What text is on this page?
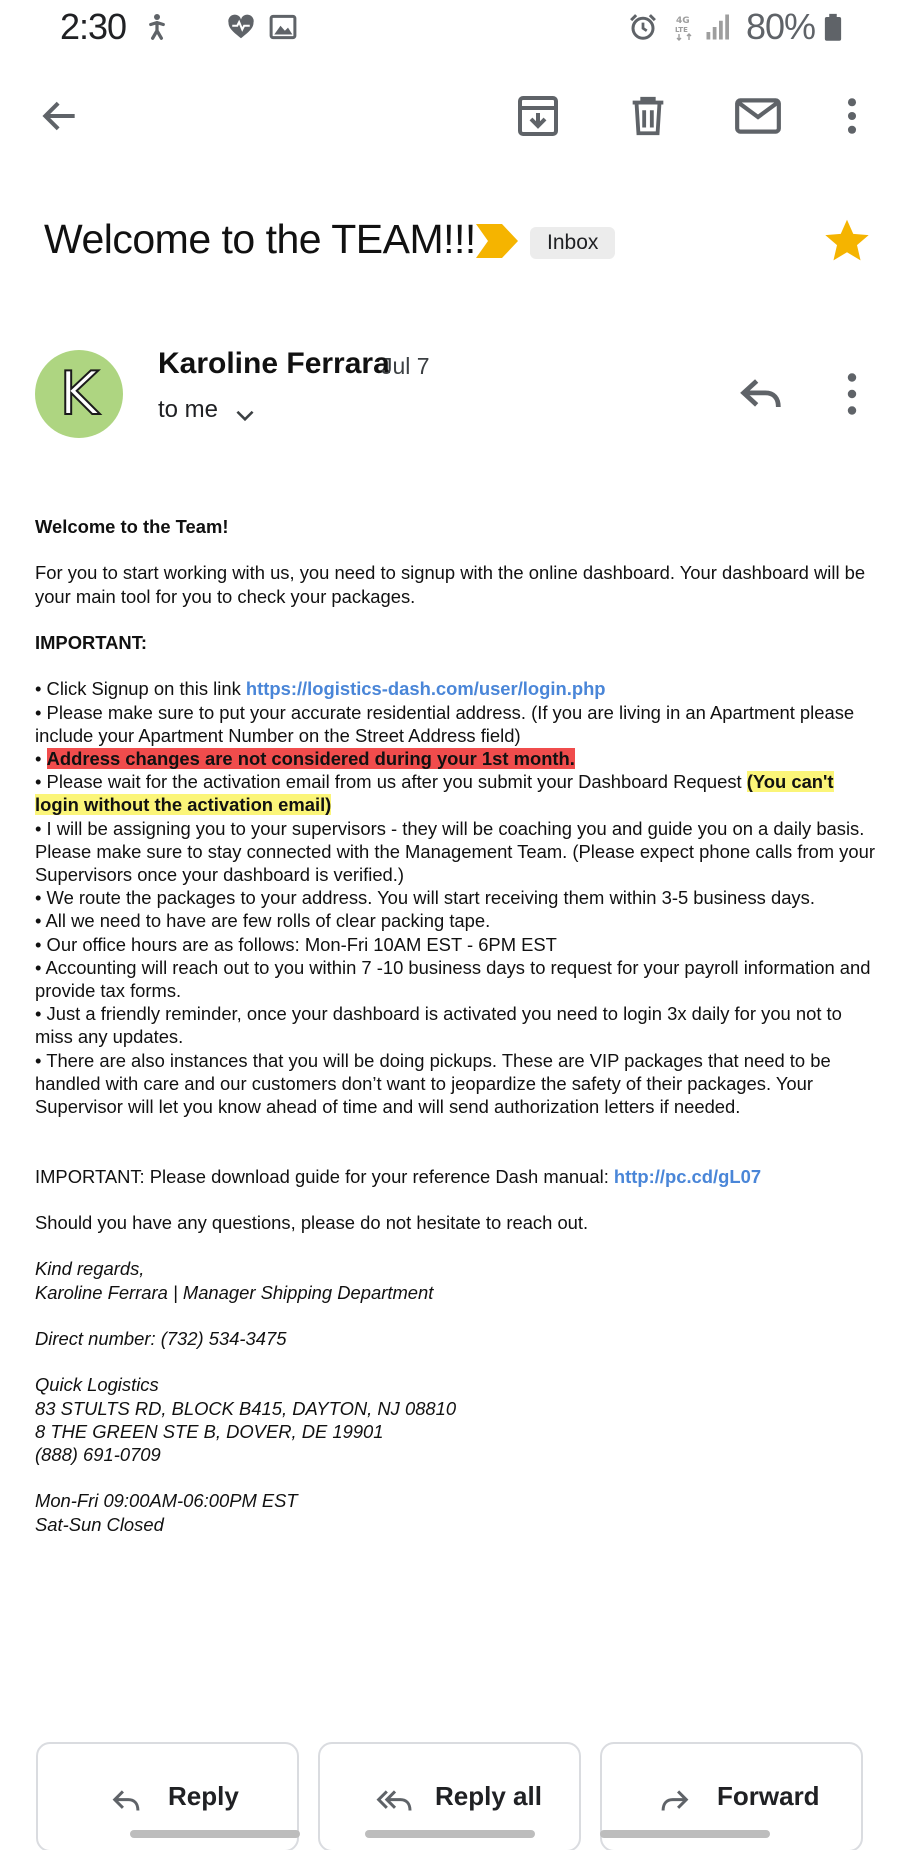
2:30	4G
LTE 80%
Welcome to the TEAM!!!	Inbox
K Karoline Ferrara
Jul 7
to me

Welcome to the Team!

For you to start working with us, you need to signup with the online dashboard. Your dashboard will be your main tool for you to check your packages.

IMPORTANT:

• Click Signup on this link https://logistics-dash.com/user/login.php

• Please make sure to put your accurate residential address. (If you are living in an Apartment please include your Apartment Number on the Street Address field)

• Address changes are not considered during your 1st month.

• Please wait for the activation email from us after you submit your Dashboard Request (You can't login without the activation email)

• I will be assigning you to your supervisors - they will be coaching you and guide you on a daily basis. Please make sure to stay connected with the Management Team. (Please expect phone calls from your Supervisors once your dashboard is verified.)

• We route the packages to your address. You will start receiving them within 3-5 business days.

• All we need to have are few rolls of clear packing tape.

• Our office hours are as follows: Mon-Fri 10AM EST - 6PM EST

• Accounting will reach out to you within 7 -10 business days to request for your payroll information and provide tax forms.

• Just a friendly reminder, once your dashboard is activated you need to login 3x daily for you not to miss any updates.

• There are also instances that you will be doing pickups. These are VIP packages that need to be handled with care and our customers don’t want to jeopardize the safety of their packages. Your Supervisor will let you know ahead of time and will send authorization letters if needed.

IMPORTANT: Please download guide for your reference Dash manual: http://pc.cd/gL07

Should you have any questions, please do not hesitate to reach out.

Kind regards,

Karoline Ferrara | Manager Shipping Department

Direct number: (732) 534-3475

Quick Logistics

83 STULTS RD, BLOCK B415, DAYTON, NJ 08810

8 THE GREEN STE B, DOVER, DE 19901

(888) 691-0709

Mon-Fri 09:00AM-06:00PM EST

Sat-Sun Closed

Reply	Reply all	Forward
